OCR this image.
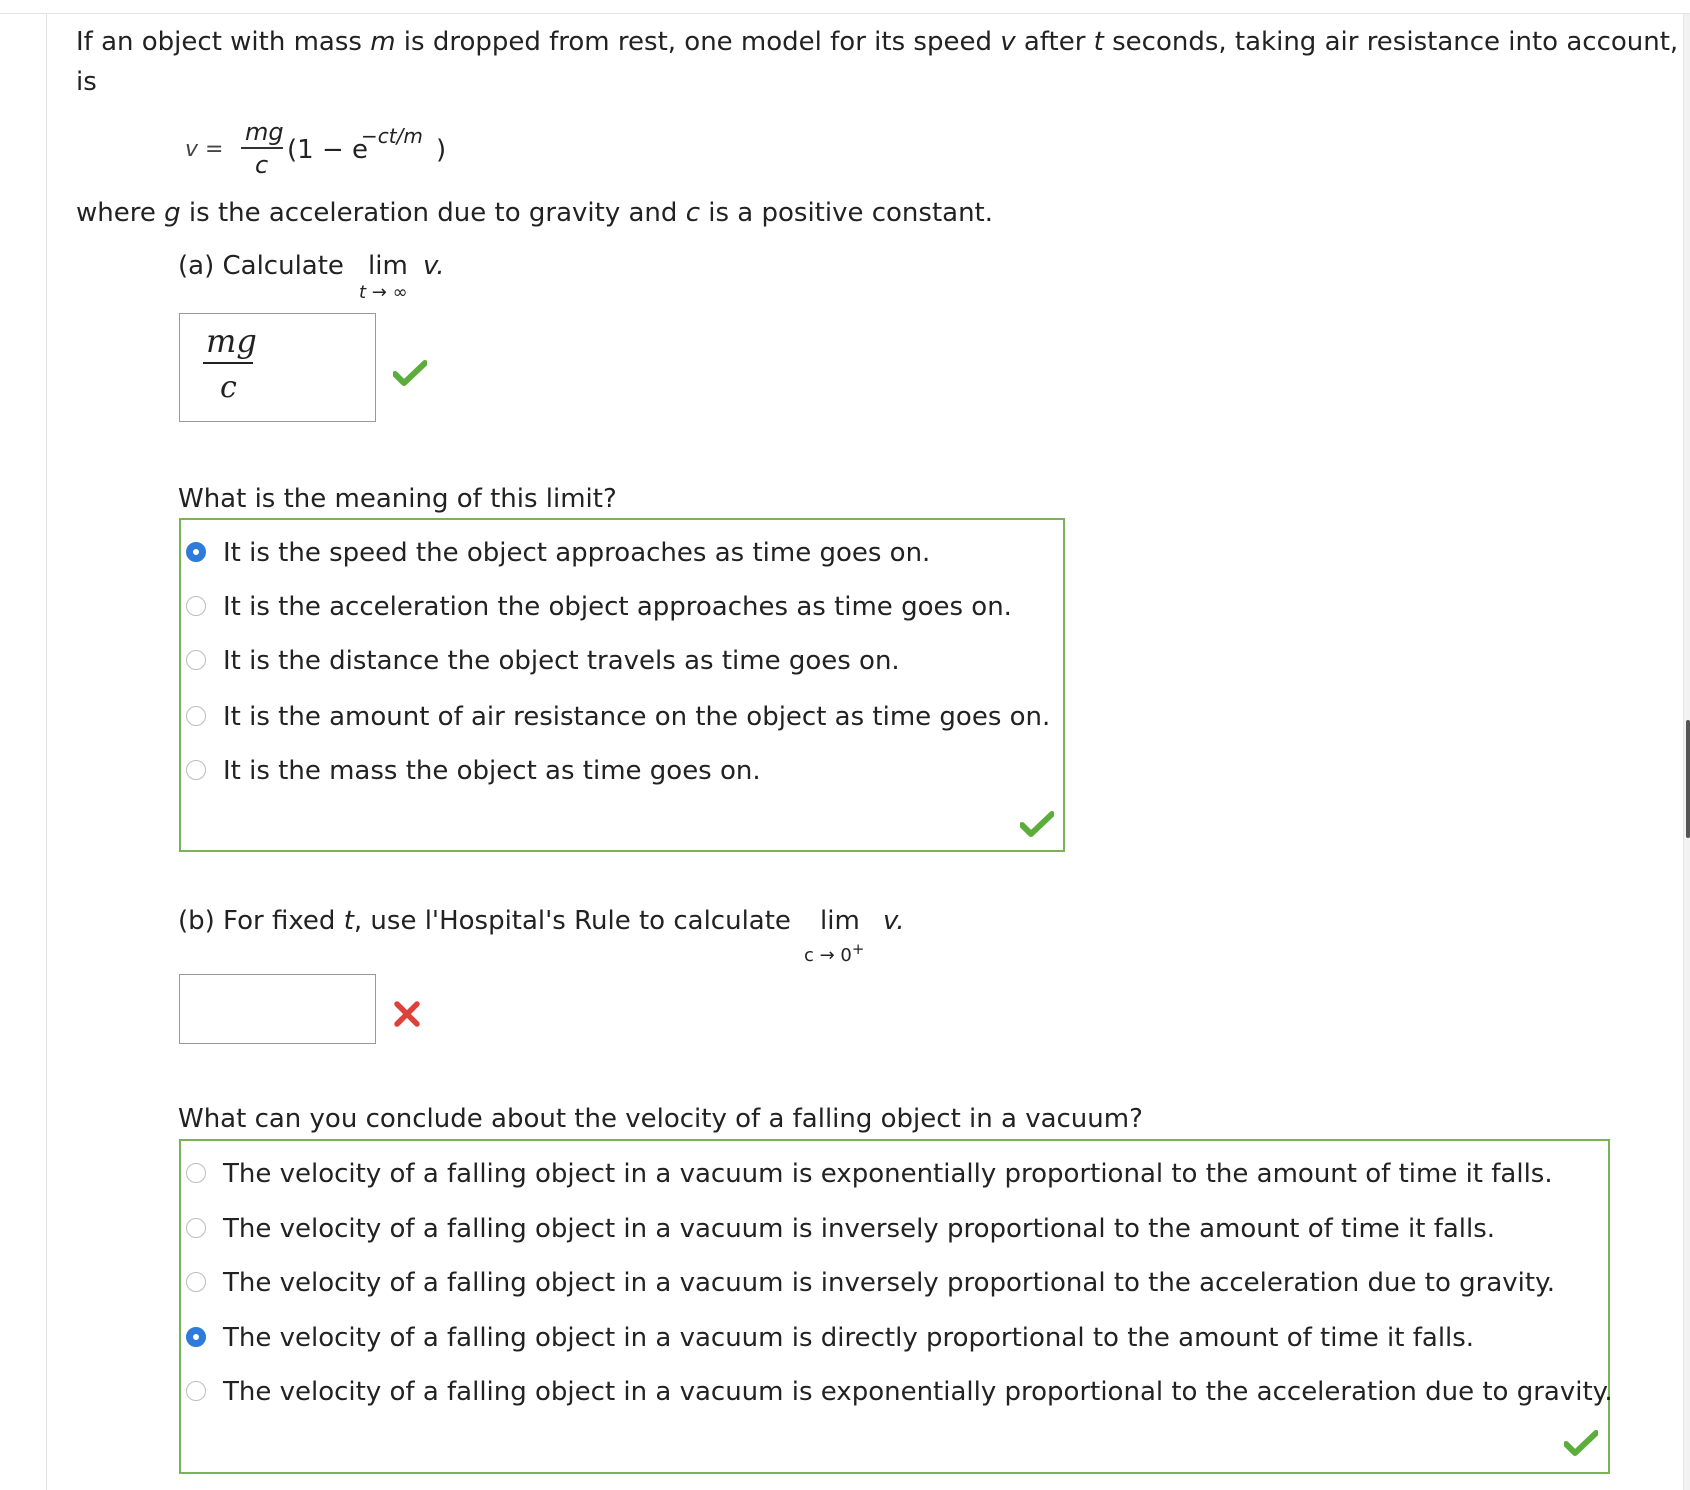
If an object with mass m is dropped from rest, one model for its speed v after t seconds, taking air resistance into account,
is
v =
mg
c (1 − e
−ct/m )
where g is the acceleration due to gravity and c is a positive constant.
(a) Calculate lim v.
t → ∞
mg
c
What is the meaning of this limit?
It is the speed the object approaches as time goes on.
It is the acceleration the object approaches as time goes on.
It is the distance the object travels as time goes on.
It is the amount of air resistance on the object as time goes on.
It is the mass the object as time goes on.
(b) For fixed t, use l'Hospital's Rule to calculate lim v.
c → 0+
What can you conclude about the velocity of a falling object in a vacuum?
The velocity of a falling object in a vacuum is exponentially proportional to the amount of time it falls.
The velocity of a falling object in a vacuum is inversely proportional to the amount of time it falls.
The velocity of a falling object in a vacuum is inversely proportional to the acceleration due to gravity.
The velocity of a falling object in a vacuum is directly proportional to the amount of time it falls.
The velocity of a falling object in a vacuum is exponentially proportional to the acceleration due to gravity.
